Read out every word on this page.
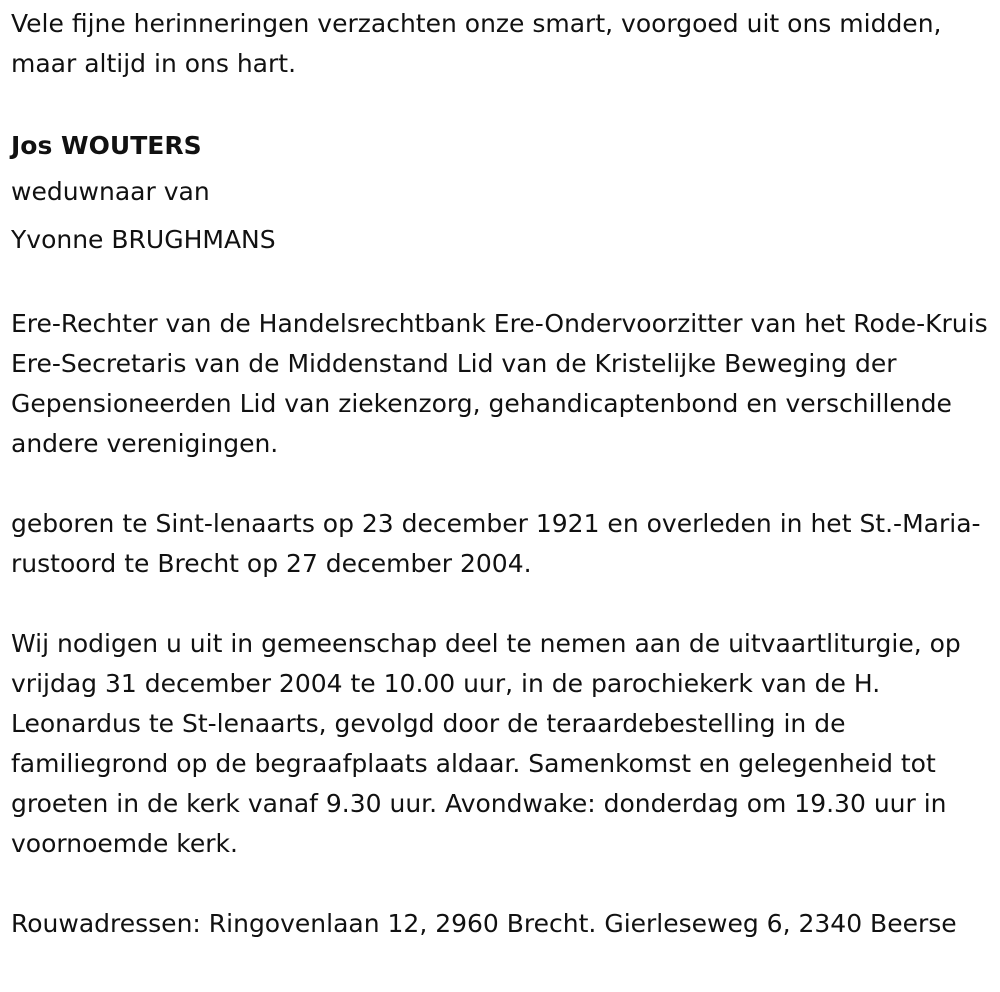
Vele fijne herinneringen verzachten onze smart, voorgoed uit ons midden, maar altijd in ons hart.

Jos WOUTERS

weduwnaar van

Yvonne BRUGHMANS

Ere-Rechter van de Handelsrechtbank Ere-Ondervoorzitter van het Rode-Kruis Ere-Secretaris van de Middenstand Lid van de Kristelijke Beweging der Gepensioneerden Lid van ziekenzorg, gehandicaptenbond en verschillende andere verenigingen.

geboren te Sint-lenaarts op 23 december 1921 en overleden in het St.-Maria-rustoord te Brecht op 27 december 2004.

Wij nodigen u uit in gemeenschap deel te nemen aan de uitvaartliturgie, op vrijdag 31 december 2004 te 10.00 uur, in de parochiekerk van de H. Leonardus te St-lenaarts, gevolgd door de teraardebestelling in de familiegrond op de begraafplaats aldaar. Samenkomst en gelegenheid tot groeten in de kerk vanaf 9.30 uur. Avondwake: donderdag om 19.30 uur in voornoemde kerk.

Rouwadressen: Ringovenlaan 12, 2960 Brecht. Gierleseweg 6, 2340 Beerse
